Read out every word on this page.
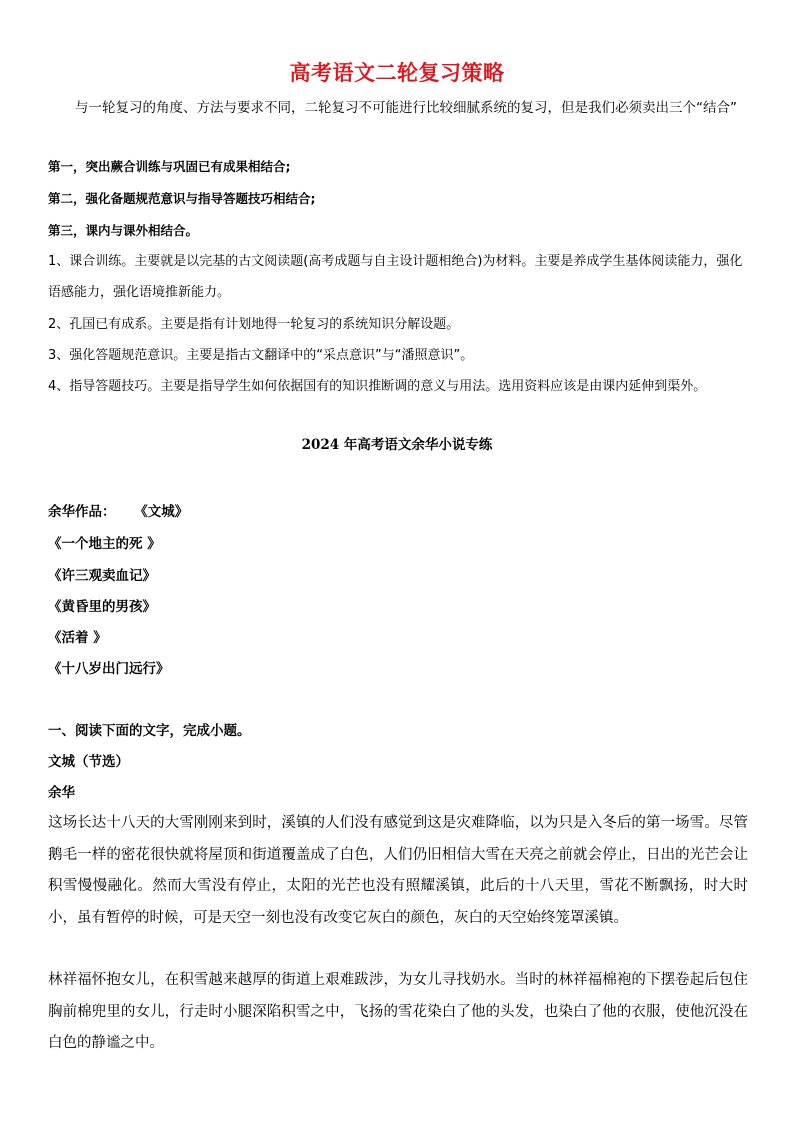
高考语文二轮复习策略
与一轮复习的角度、方法与要求不同，二轮复习不可能进行比较细腻系统的复习，但是我们必须卖出三个“结合”
第一，突出蕨合训练与巩固已有成果相结合;
第二，强化备题规范意识与指导答题技巧相结合;
第三，课内与课外相结合。
1、课合训练。主要就是以完基的古文阅读题(高考成题与自主设计题相绝合)为材料。主要是养成学生基体阅读能力，强化语感能力，强化语境推新能力。
2、孔国已有成系。主要是指有计划地得一轮复习的系统知识分解设题。
3、强化答题规范意识。主要是指古文翻译中的“采点意识”与“潘照意识”。
4、指导答题技巧。主要是指导学生如何依据国有的知识推断调的意义与用法。选用资料应该是由课内延伸到渠外。
2024 年高考语文余华小说专练
余华作品：    《文城》
《一个地主的死 》
《许三观卖血记》
《黄昏里的男孩》
《活着 》
《十八岁出门远行》
一、阅读下面的文字，完成小题。
文城（节选）
余华
这场长达十八天的大雪刚刚来到时，溪镇的人们没有感觉到这是灾难降临，以为只是入冬后的第一场雪。尽管鹅毛一样的密花很快就将屋顶和街道覆盖成了白色，人们仍旧相信大雪在天亮之前就会停止，日出的光芒会让积雪慢慢融化。然而大雪没有停止，太阳的光芒也没有照耀溪镇，此后的十八天里，雪花不断飘扬，时大时小，虽有暂停的时候，可是天空一刻也没有改变它灰白的颜色，灰白的天空始终笼罩溪镇。
林祥福怀抱女儿，在积雪越来越厚的街道上艰难跋涉，为女儿寻找奶水。当时的林祥福棉袍的下摆卷起后包住胸前棉兜里的女儿，行走时小腿深陷积雪之中，飞扬的雪花染白了他的头发，也染白了他的衣服，使他沉没在白色的静谧之中。
